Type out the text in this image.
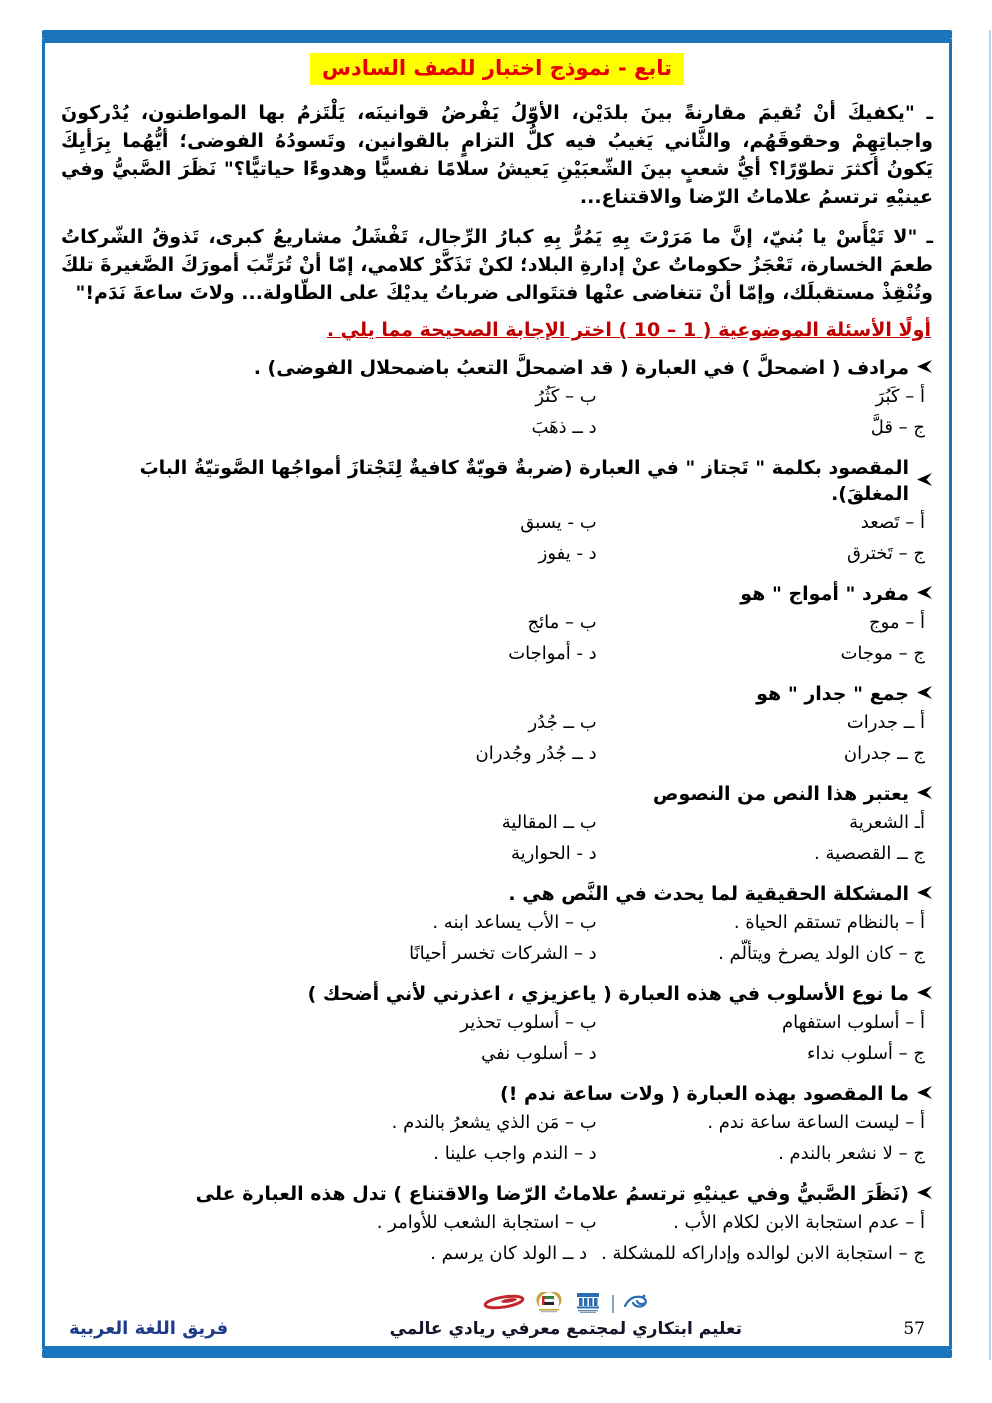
تابع - نموذج اختبار للصف السادس

ـ "يكفيكَ أنْ تُقيمَ مقارنةً بينَ بلدَيْن، الأوّلُ يَفْرضُ قوانينَه، يَلْتَزمُ بها المواطنون، يُدْركونَ واجباتِهِمْ وحقوقَهُم، والثَّاني يَغيبُ فيه كلُّ التزامٍ بالقوانين، وتَسودُهُ الفوضى؛ أيُّهُما بِرَأيِكَ يَكونُ أكثرَ تطوّرًا؟ أيُّ شعبٍ بينَ الشّعبَيْنِ يَعيشُ سلامًا نفسيًّا وهدوءًا حياتيًّا؟" نَظَرَ الصَّبيُّ وفي عينيْهِ ترتسمُ علاماتُ الرّضا والاقتناع...

ـ "لا تَيْأَسْ يا بُنيّ، إنَّ ما مَرَرْتَ بِهِ يَمُرُّ بِهِ كبارُ الرِّجال، تَفْشَلُ مشاريعُ كبرى، تَذوقُ الشّركاتُ طعمَ الخسارة، تَعْجَزُ حكوماتٌ عنْ إدارةِ البلاد؛ لكنْ تَذَكَّرْ كلامي، إمّا أنْ تُرَتِّبَ أمورَكَ الصَّغيرةَ تلكَ وتُنْقِذْ مستقبلَك، وإمّا أنْ تتغاضى عنْها فتتَوالى ضرباتُ يديْكَ على الطّاولة... ولاتَ ساعةَ نَدَم!"

أولًا الأسئلة الموضوعية ( 1 – 10 ) اختر الإجابة الصحيحة مما يلي .
مرادف ( اضمحلَّ ) في العبارة ( قد اضمحلَّ التعبُ باضمحلال الفوضى) .
أ – كَبُرَ
ب – كَثُرُ
ج – قلَّ
د ــ ذهَبَ
المقصود بكلمة " تَجتاز " في العبارة (ضربةٌ قويّةٌ كافيةٌ لِتَجْتازَ أمواجُها الصَّوتيّةُ البابَ المغلقَ).
أ – تَصعد
ب - يسبق
ج – تَخترق
د - يفوز
مفرد " أمواج " هو
أ – موج
ب – مائج
ج – موجات
د - أمواجات
جمع " جدار " هو
أ ــ جدرات
ب ــ جُدُر
ج ــ جدران
د ــ جُدُر وجُدران
يعتبر هذا النص من النصوص
أـ الشعرية
ب ــ المقالية
ج ــ القصصية .
د - الحوارية
المشكلة الحقيقية لما يحدث في النَّص هي .
أ – بالنظام تستقم الحياة .
ب – الأب يساعد ابنه .
ج – كان الولد يصرخ ويتألّم .
د – الشركات تخسر أحيانًا
ما نوع الأسلوب في هذه العبارة ( ياعزيزي ، اعذرني لأني أضحك )
أ – أسلوب استفهام
ب – أسلوب تحذير
ج – أسلوب نداء
د – أسلوب نفي
ما المقصود بهذه العبارة ( ولات ساعة ندم !)
أ – ليست الساعة ساعة ندم .
ب – مَن الذي يشعرُ بالندم .
ج – لا نشعر بالندم .
د – الندم واجب علينا .
(نَظَرَ الصَّبيُّ وفي عينيْهِ ترتسمُ علاماتُ الرّضا والاقتناع ) تدل هذه العبارة على
أ – عدم استجابة الابن لكلام الأب .
ب – استجابة الشعب للأوامر .
ج – استجابة الابن لوالده وإداراكه للمشكلة .
د ــ الولد كان يرسم .
57
تعليم ابتكاري لمجتمع معرفي ريادي عالمي
فريق اللغة العربية
